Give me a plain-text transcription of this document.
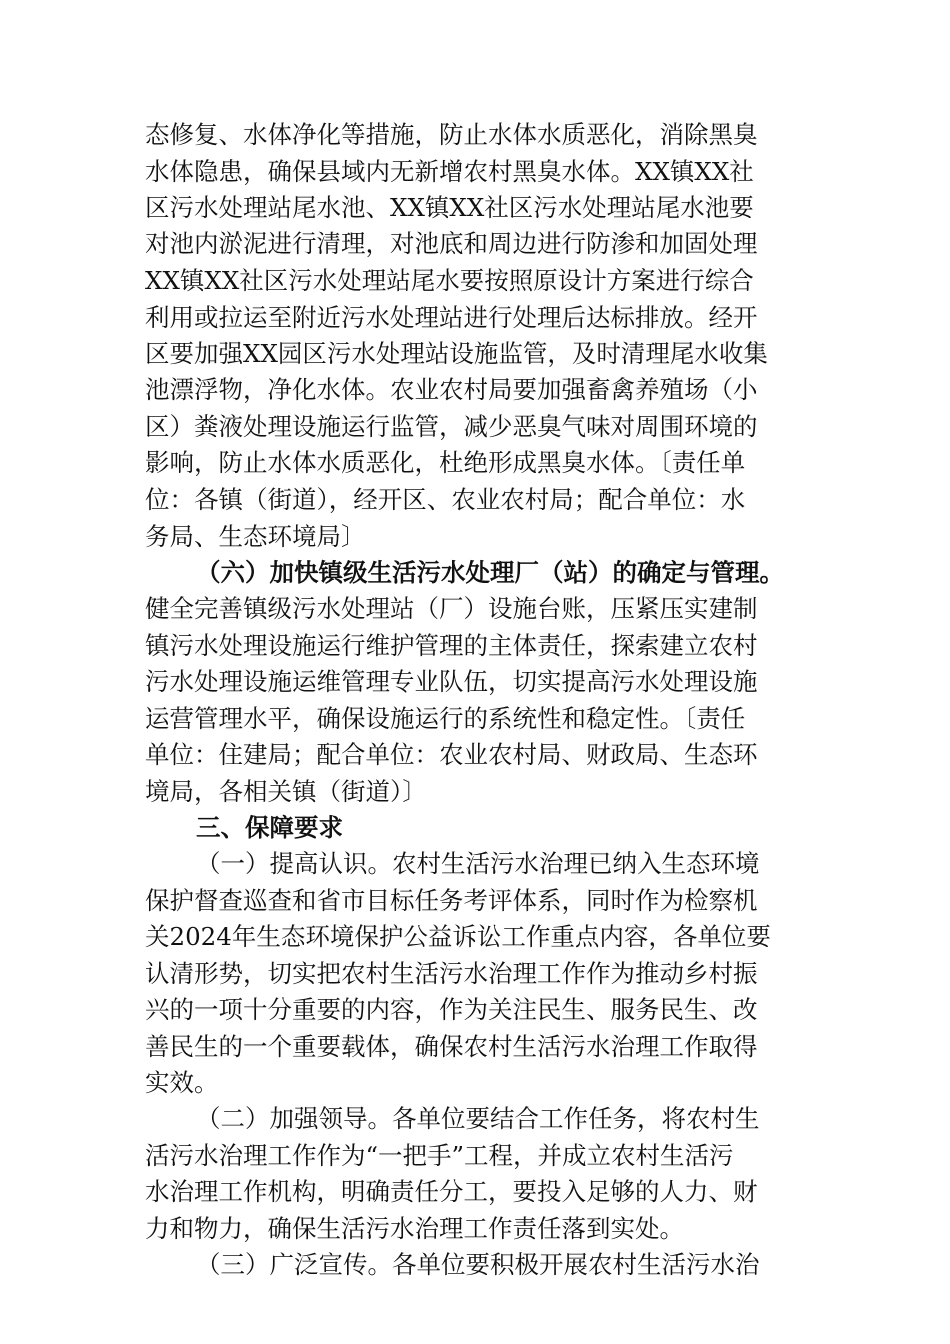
态修复、水体净化等措施，防止水体水质恶化，消除黑臭
水体隐患，确保县域内无新增农村黑臭水体。XX镇XX社
区污水处理站尾水池、XX镇XX社区污水处理站尾水池要
对池内淤泥进行清理，对池底和周边进行防渗和加固处理
XX镇XX社区污水处理站尾水要按照原设计方案进行综合
利用或拉运至附近污水处理站进行处理后达标排放。经开
区要加强XX园区污水处理站设施监管，及时清理尾水收集
池漂浮物，净化水体。农业农村局要加强畜禽养殖场（小
区）粪液处理设施运行监管，减少恶臭气味对周围环境的
影响，防止水体水质恶化，杜绝形成黑臭水体。〔责任单
位：各镇（街道），经开区、农业农村局；配合单位：水
务局、生态环境局〕
（六）加快镇级生活污水处理厂（站）的确定与管理。
健全完善镇级污水处理站（厂）设施台账，压紧压实建制
镇污水处理设施运行维护管理的主体责任，探索建立农村
污水处理设施运维管理专业队伍，切实提高污水处理设施
运营管理水平，确保设施运行的系统性和稳定性。〔责任
单位：住建局；配合单位：农业农村局、财政局、生态环
境局，各相关镇（街道）〕
三、保障要求
（一）提高认识。农村生活污水治理已纳入生态环境
保护督查巡查和省市目标任务考评体系，同时作为检察机
关2024年生态环境保护公益诉讼工作重点内容，各单位要
认清形势，切实把农村生活污水治理工作作为推动乡村振
兴的一项十分重要的内容，作为关注民生、服务民生、改
善民生的一个重要载体，确保农村生活污水治理工作取得
实效。
（二）加强领导。各单位要结合工作任务，将农村生
活污水治理工作作为“一把手”工程，并成立农村生活污
水治理工作机构，明确责任分工，要投入足够的人力、财
力和物力，确保生活污水治理工作责任落到实处。
（三）广泛宣传。各单位要积极开展农村生活污水治
